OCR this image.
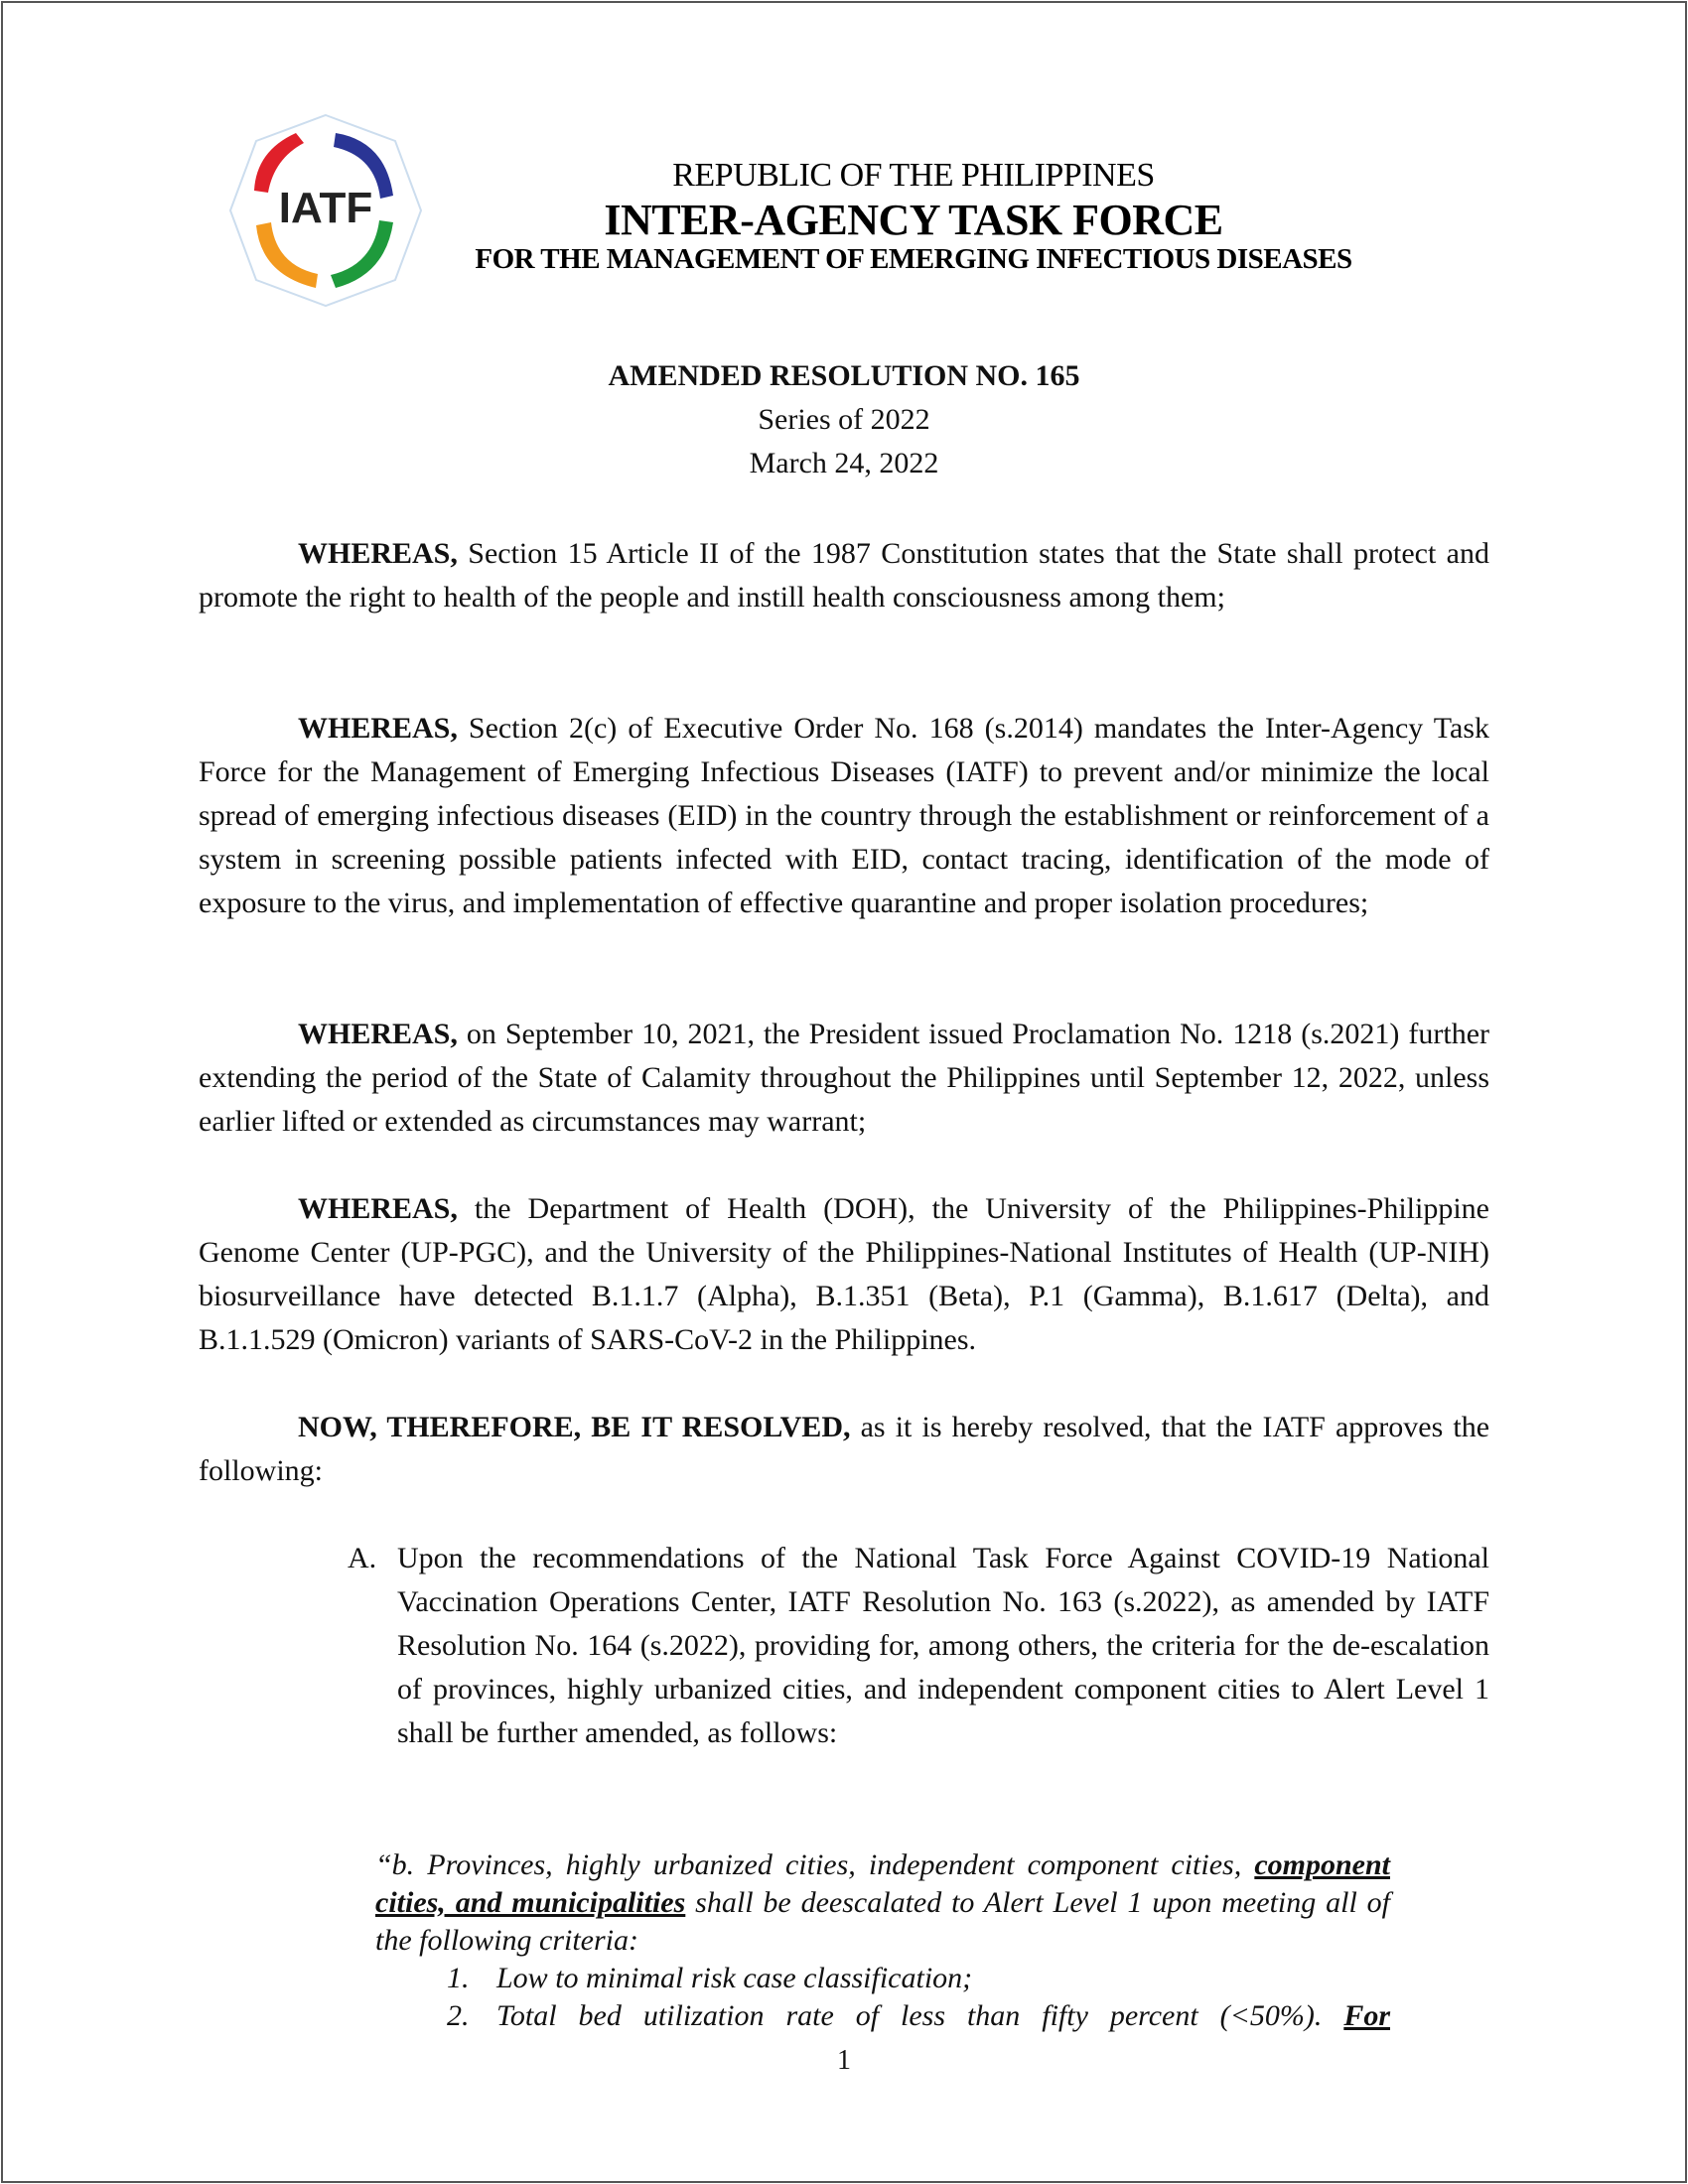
IATF
REPUBLIC OF THE PHILIPPINES
INTER-AGENCY TASK FORCE
FOR THE MANAGEMENT OF EMERGING INFECTIOUS DISEASES
AMENDED RESOLUTION NO. 165
Series of 2022
March 24, 2022
WHEREAS, Section 15 Article II of the 1987 Constitution states that the State shall protect and promote the right to health of the people and instill health consciousness among them;
WHEREAS, Section 2(c) of Executive Order No. 168 (s.2014) mandates the Inter-Agency Task Force for the Management of Emerging Infectious Diseases (IATF) to prevent and/or minimize the local spread of emerging infectious diseases (EID) in the country through the establishment or reinforcement of a system in screening possible patients infected with EID, contact tracing, identification of the mode of exposure to the virus, and implementation of effective quarantine and proper isolation procedures;
WHEREAS, on September 10, 2021, the President issued Proclamation No. 1218 (s.2021) further extending the period of the State of Calamity throughout the Philippines until September 12, 2022, unless earlier lifted or extended as circumstances may warrant;
WHEREAS, the Department of Health (DOH), the University of the Philippines-Philippine Genome Center (UP-PGC), and the University of the Philippines-National Institutes of Health (UP-NIH) biosurveillance have detected B.1.1.7 (Alpha), B.1.351 (Beta), P.1 (Gamma), B.1.617 (Delta), and B.1.1.529 (Omicron) variants of SARS-CoV-2 in the Philippines.
NOW, THEREFORE, BE IT RESOLVED, as it is hereby resolved, that the IATF approves the following:
A. Upon the recommendations of the National Task Force Against COVID-19 National Vaccination Operations Center, IATF Resolution No. 163 (s.2022), as amended by IATF Resolution No. 164 (s.2022), providing for, among others, the criteria for the de-escalation of provinces, highly urbanized cities, and independent component cities to Alert Level 1 shall be further amended, as follows:
“b. Provinces, highly urbanized cities, independent component cities, component cities, and municipalities shall be deescalated to Alert Level 1 upon meeting all of the following criteria:
1. Low to minimal risk case classification;
2. Total bed utilization rate of less than fifty percent (<50%). For
1
